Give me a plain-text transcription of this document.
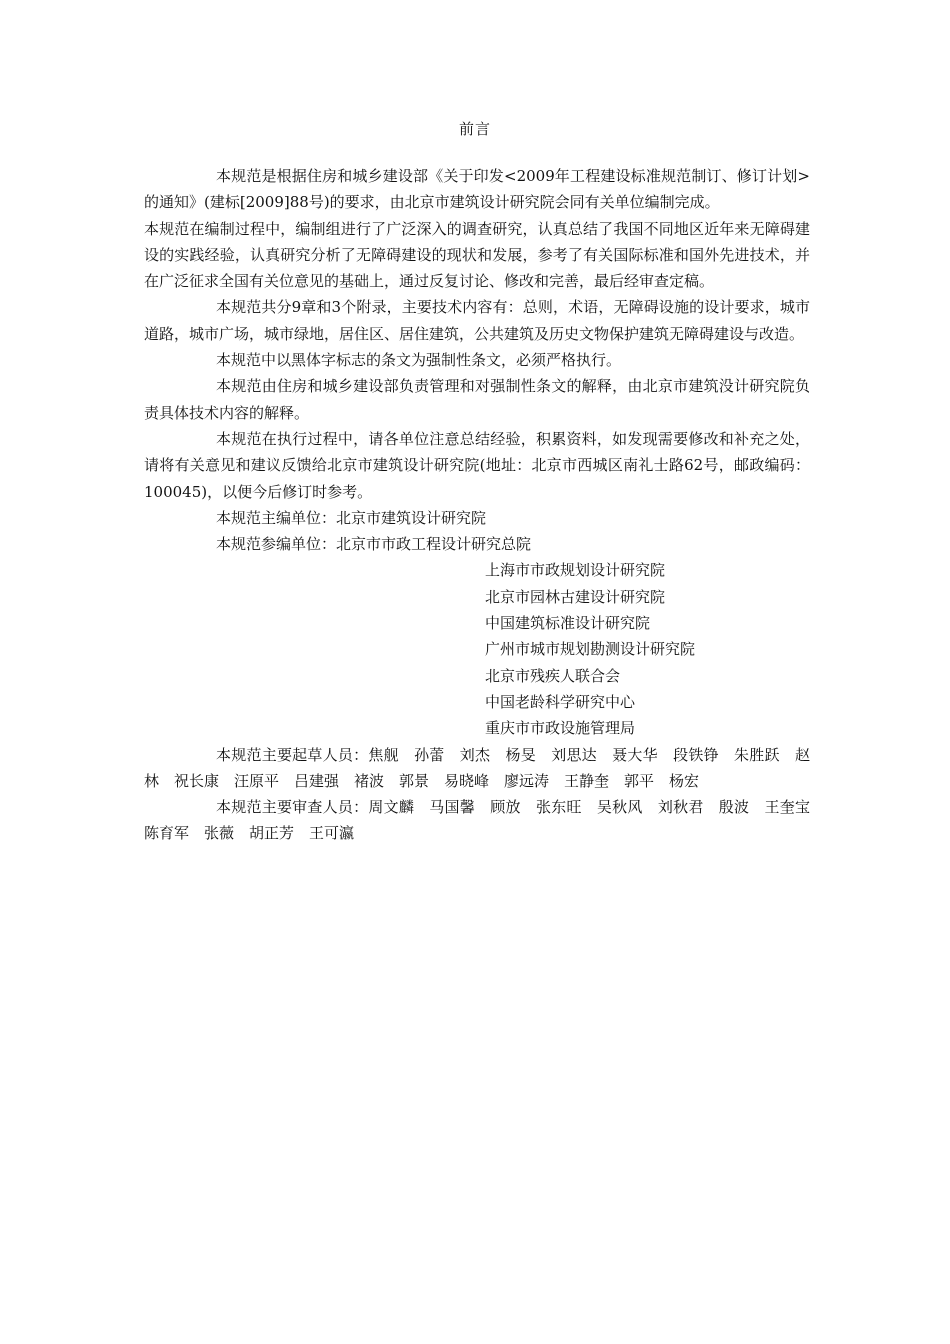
前言

本规范是根据住房和城乡建设部《关于印发<2009年工程建设标准规范制订、修订计划>的通知》(建标[2009]88号)的要求，由北京市建筑设计研究院会同有关单位编制完成。

本规范在编制过程中，编制组进行了广泛深入的调查研究，认真总结了我国不同地区近年来无障碍建设的实践经验，认真研究分析了无障碍建设的现状和发展，参考了有关国际标准和国外先进技术，并在广泛征求全国有关位意见的基础上，通过反复讨论、修改和完善，最后经审查定稿。

本规范共分9章和3个附录，主要技术内容有：总则，术语，无障碍设施的设计要求，城市道路，城市广场，城市绿地，居住区、居住建筑，公共建筑及历史文物保护建筑无障碍建设与改造。

本规范中以黑体字标志的条文为强制性条文，必须严格执行。

本规范由住房和城乡建设部负责管理和对强制性条文的解释，由北京市建筑没计研究院负责具体技术内容的解释。

本规范在执行过程中，请各单位注意总结经验，积累资料，如发现需要修改和补充之处，请将有关意见和建议反馈给北京市建筑设计研究院(地址：北京市西城区南礼士路62号，邮政编码：100045)，以便今后修订时参考。

本规范主编单位：北京市建筑设计研究院

本规范参编单位：北京市市政工程设计研究总院

上海市市政规划设计研究院
北京市园林古建设计研究院
中国建筑标准设计研究院
广州市城市规划勘测设计研究院
北京市残疾人联合会
中国老龄科学研究中心
重庆市市政设施管理局

本规范主要起草人员：焦舰　孙蕾　刘杰　杨旻　刘思达　聂大华　段铁铮　朱胜跃　赵林　祝长康　汪原平　吕建强　褚波　郭景　易晓峰　廖远涛　王静奎　郭平　杨宏

本规范主要审查人员：周文麟　马国馨　顾放　张东旺　吴秋风　刘秋君　殷波　王奎宝　陈育军　张薇　胡正芳　王可瀛
